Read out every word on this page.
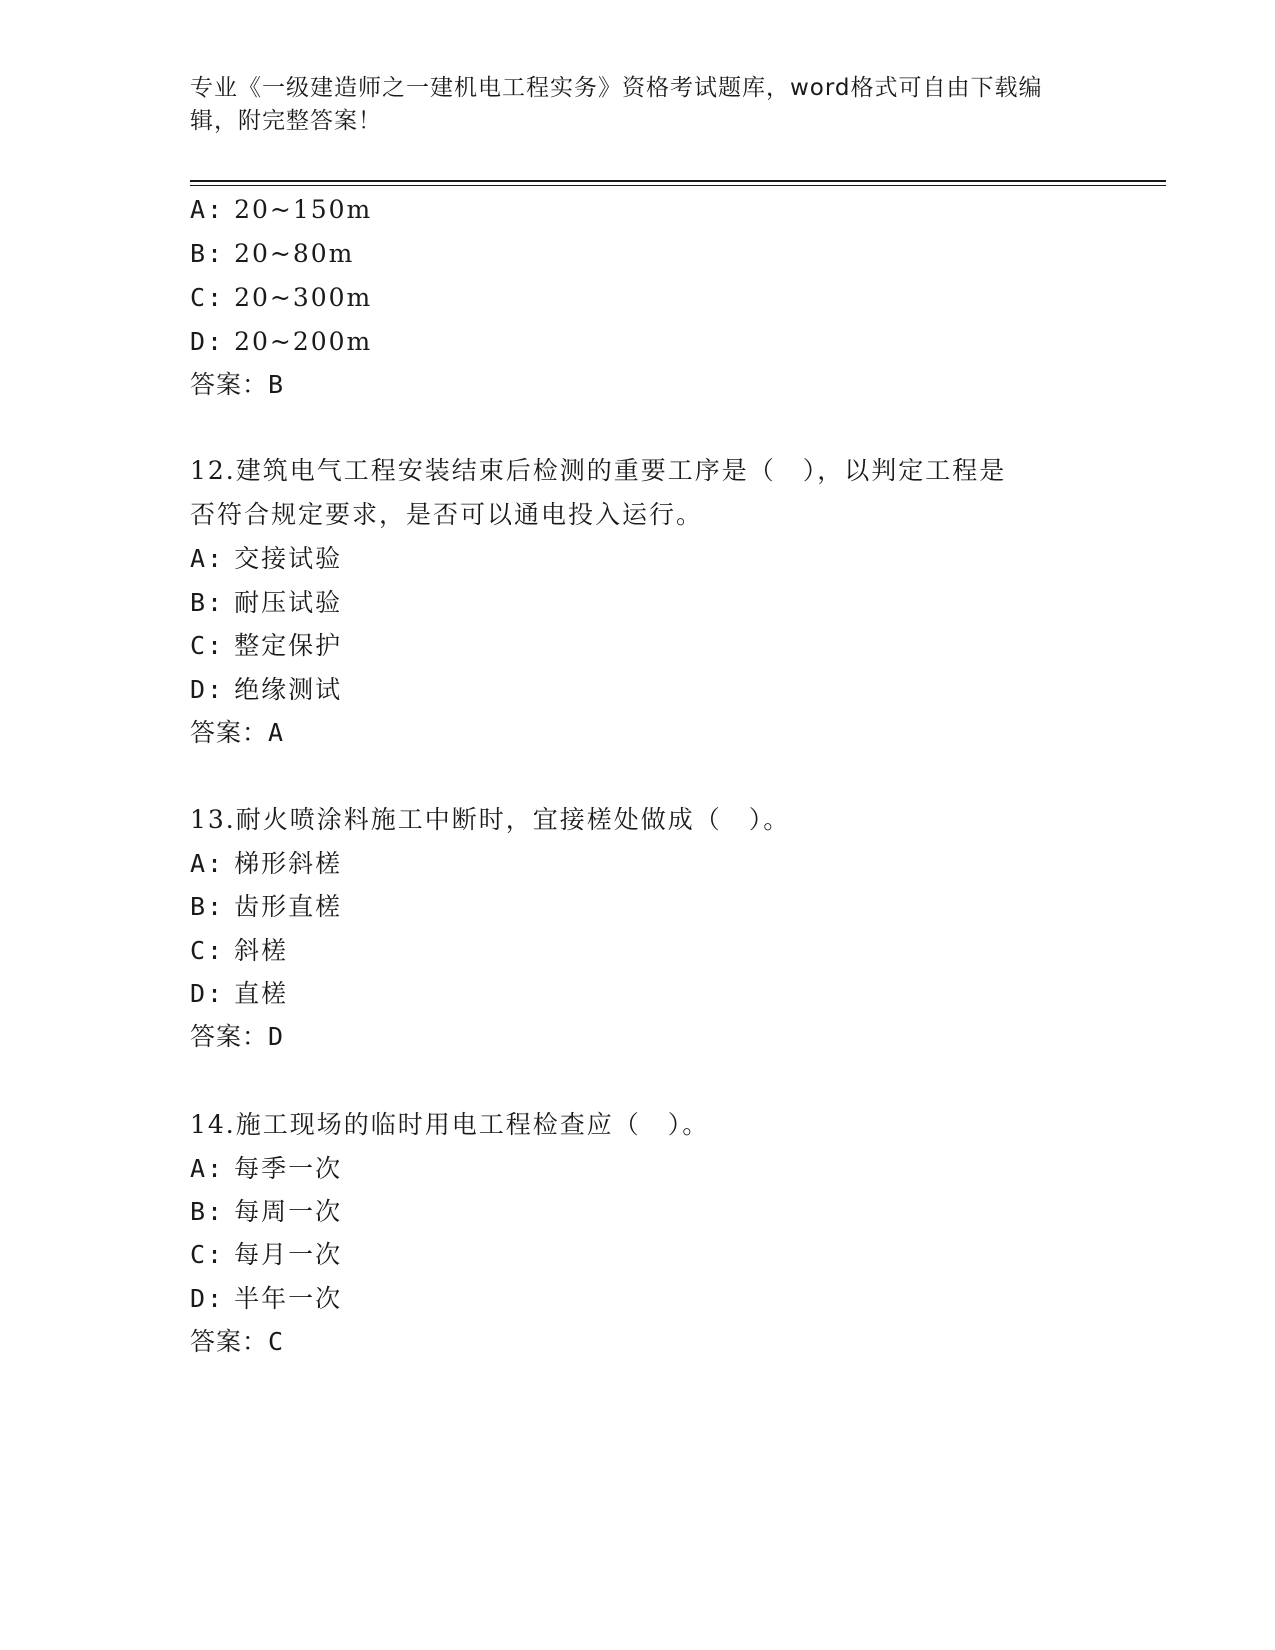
专业《一级建造师之一建机电工程实务》资格考试题库，word格式可自由下载编
辑，附完整答案！
A: 20~150m
B: 20~80m
C: 20~300m
D: 20~200m
答案：B
12.建筑电气工程安装结束后检测的重要工序是（　），以判定工程是
否符合规定要求，是否可以通电投入运行。
A: 交接试验
B: 耐压试验
C: 整定保护
D: 绝缘测试
答案：A
13.耐火喷涂料施工中断时，宜接槎处做成（　）。
A: 梯形斜槎
B: 齿形直槎
C: 斜槎
D: 直槎
答案：D
14.施工现场的临时用电工程检查应（　）。
A: 每季一次
B: 每周一次
C: 每月一次
D: 半年一次
答案：C
